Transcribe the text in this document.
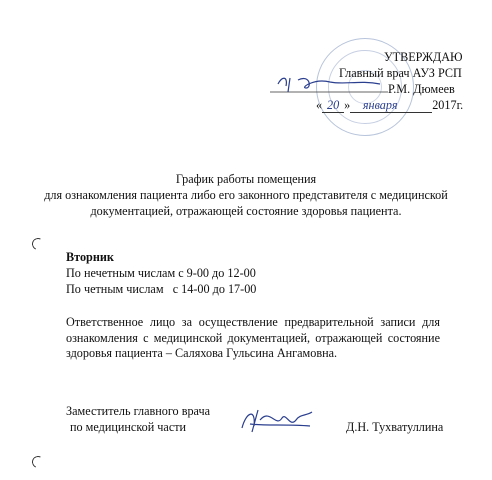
УТВЕРЖДАЮ
Главный врач АУЗ РСП
Р.М. Дюмеев
« 20 » января	2017г.
График работы помещения
для ознакомления пациента либо его законного представителя с медицинской
документацией, отражающей состояние здоровья пациента.
Вторник
По нечетным числам с 9-00 до 12-00
По четным числам с 14-00 до 17-00
Ответственное лицо за осуществление предварительной записи для
ознакомления с медицинской документацией, отражающей состояние
здоровья пациента – Саляхова Гульсина Ангамовна.
Заместитель главного врача
по медицинской части	Д.Н. Тухватуллина
